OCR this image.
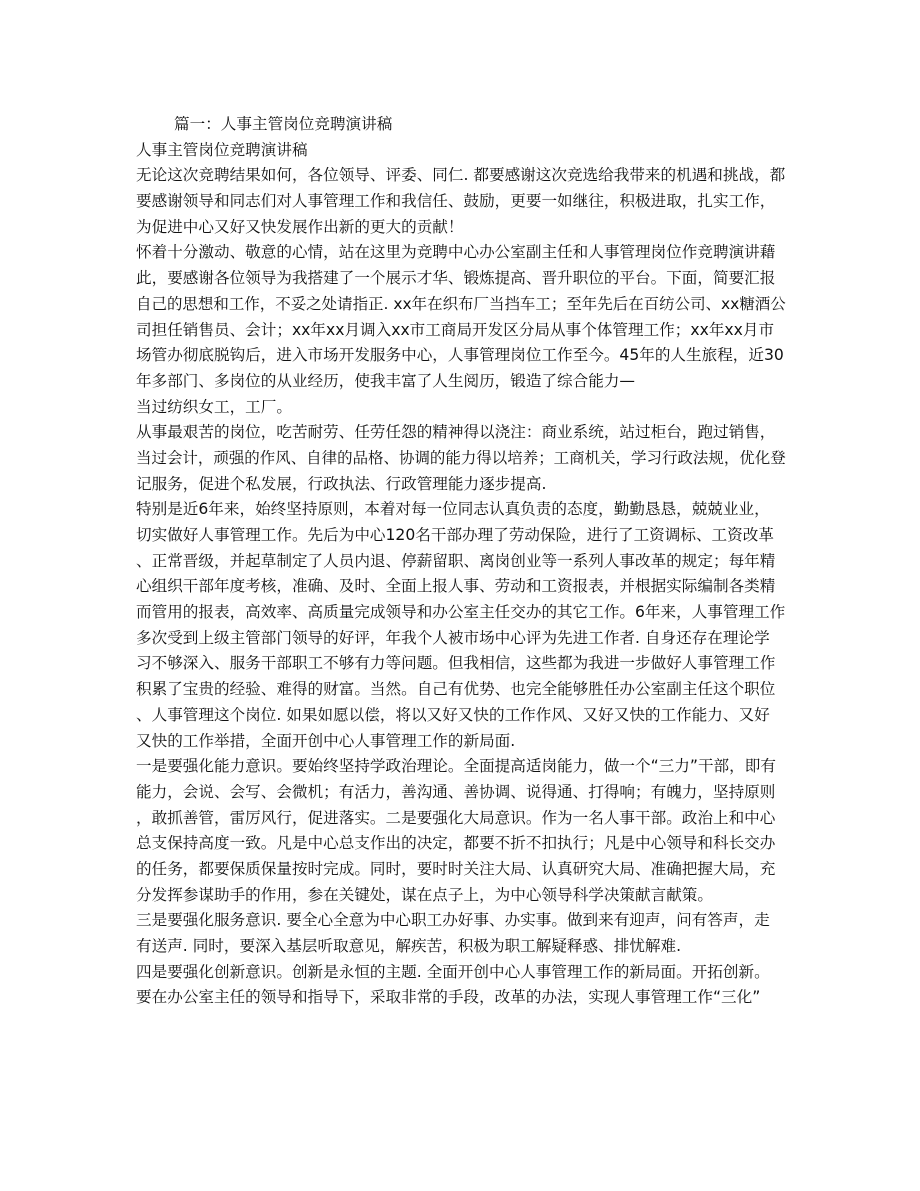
篇一：人事主管岗位竞聘演讲稿
人事主管岗位竞聘演讲稿
无论这次竞聘结果如何，各位领导、评委、同仁. 都要感谢这次竞选给我带来的机遇和挑战，都
要感谢领导和同志们对人事管理工作和我信任、鼓励，更要一如继往，积极进取，扎实工作，
为促进中心又好又快发展作出新的更大的贡献！
怀着十分激动、敬意的心情，站在这里为竞聘中心办公室副主任和人事管理岗位作竞聘演讲藉
此，要感谢各位领导为我搭建了一个展示才华、锻炼提高、晋升职位的平台。下面，简要汇报
自己的思想和工作，不妥之处请指正. xx年在织布厂当挡车工；至年先后在百纺公司、xx糖酒公
司担任销售员、会计；xx年xx月调入xx市工商局开发区分局从事个体管理工作；xx年xx月市
场管办彻底脱钩后，进入市场开发服务中心，人事管理岗位工作至今。45年的人生旅程，近30
年多部门、多岗位的从业经历，使我丰富了人生阅历，锻造了综合能力—
当过纺织女工，工厂。
从事最艰苦的岗位，吃苦耐劳、任劳任怨的精神得以浇注：商业系统，站过柜台，跑过销售，
当过会计，顽强的作风、自律的品格、协调的能力得以培养；工商机关，学习行政法规，优化登
记服务，促进个私发展，行政执法、行政管理能力逐步提高.
特别是近6年来，始终坚持原则，本着对每一位同志认真负责的态度，勤勤恳恳，兢兢业业，
切实做好人事管理工作。先后为中心120名干部办理了劳动保险，进行了工资调标、工资改革
、正常晋级，并起草制定了人员内退、停薪留职、离岗创业等一系列人事改革的规定；每年精
心组织干部年度考核，准确、及时、全面上报人事、劳动和工资报表，并根据实际编制各类精
而管用的报表，高效率、高质量完成领导和办公室主任交办的其它工作。6年来，人事管理工作
多次受到上级主管部门领导的好评，年我个人被市场中心评为先进工作者. 自身还存在理论学
习不够深入、服务干部职工不够有力等问题。但我相信，这些都为我进一步做好人事管理工作
积累了宝贵的经验、难得的财富。当然。自己有优势、也完全能够胜任办公室副主任这个职位
、人事管理这个岗位. 如果如愿以偿，将以又好又快的工作作风、又好又快的工作能力、又好
又快的工作举措，全面开创中心人事管理工作的新局面.
一是要强化能力意识。要始终坚持学政治理论。全面提高适岗能力，做一个“三力”干部，即有
能力，会说、会写、会微机；有活力，善沟通、善协调、说得通、打得响；有魄力，坚持原则
，敢抓善管，雷厉风行，促进落实。二是要强化大局意识。作为一名人事干部。政治上和中心
总支保持高度一致。凡是中心总支作出的决定，都要不折不扣执行；凡是中心领导和科长交办
的任务，都要保质保量按时完成。同时，要时时关注大局、认真研究大局、准确把握大局，充
分发挥参谋助手的作用，参在关键处，谋在点子上，为中心领导科学决策献言献策。
三是要强化服务意识. 要全心全意为中心职工办好事、办实事。做到来有迎声，问有答声，走
有送声. 同时，要深入基层听取意见，解疾苦，积极为职工解疑释惑、排忧解难.
四是要强化创新意识。创新是永恒的主题. 全面开创中心人事管理工作的新局面。开拓创新。
要在办公室主任的领导和指导下，采取非常的手段，改革的办法，实现人事管理工作“三化”
